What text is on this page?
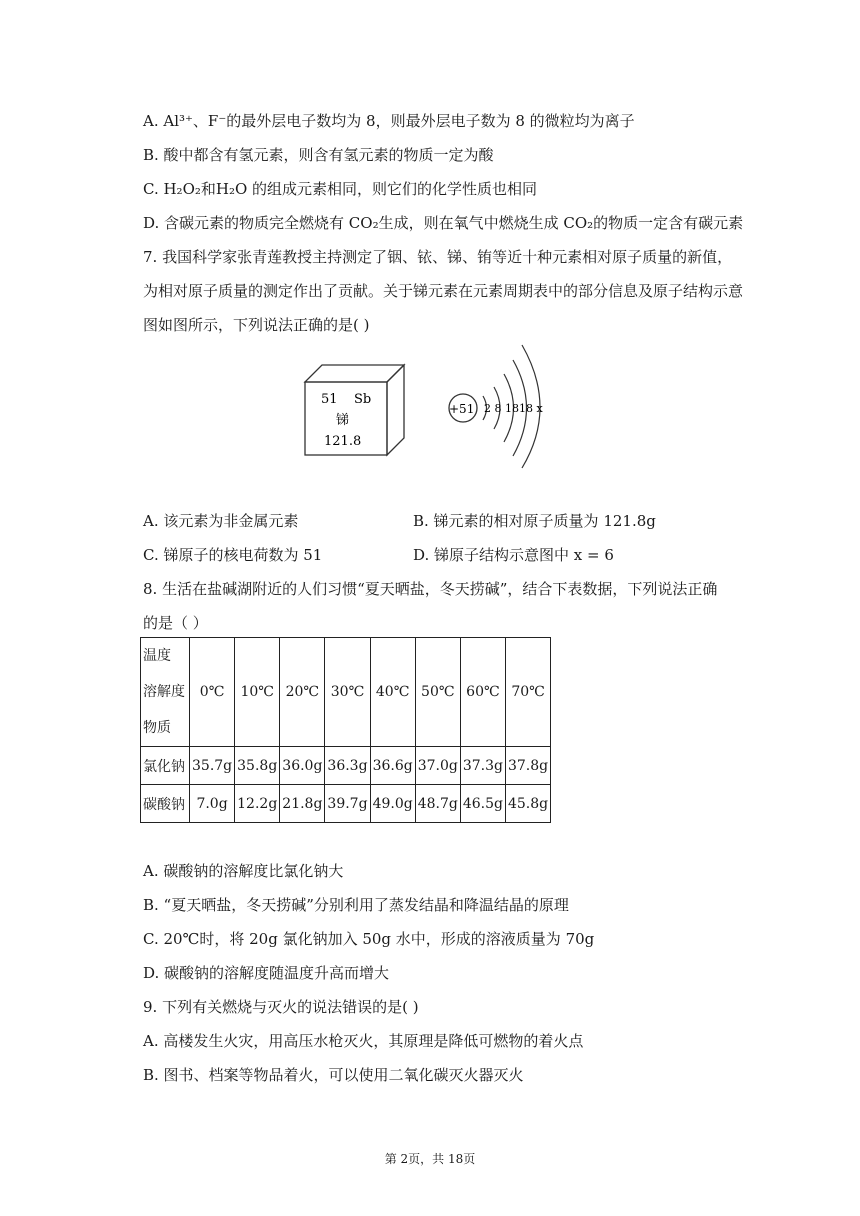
A. Al³⁺、F⁻的最外层电子数均为 8，则最外层电子数为 8 的微粒均为离子
B. 酸中都含有氢元素，则含有氢元素的物质一定为酸
C. H₂O₂和H₂O 的组成元素相同，则它们的化学性质也相同
D. 含碳元素的物质完全燃烧有 CO₂生成，则在氧气中燃烧生成 CO₂的物质一定含有碳元素
7. 我国科学家张青莲教授主持测定了铟、铱、锑、铕等近十种元素相对原子质量的新值，
为相对原子质量的测定作出了贡献。关于锑元素在元素周期表中的部分信息及原子结构示意
图如图所示，下列说法正确的是( )
51 Sb
锑
121.8
+51 2 8 1818 x
A. 该元素为非金属元素	B. 锑元素的相对原子质量为 121.8g
C. 锑原子的核电荷数为 51	D. 锑原子结构示意图中 x = 6
8. 生活在盐碱湖附近的人们习惯“夏天晒盐，冬天捞碱”，结合下表数据，下列说法正确
的是（ ）
温度
溶解度
物质	0℃	10℃	20℃	30℃	40℃	50℃	60℃	70℃
氯化钠	35.7g	35.8g	36.0g	36.3g	36.6g	37.0g	37.3g	37.8g
碳酸钠	7.0g	12.2g	21.8g	39.7g	49.0g	48.7g	46.5g	45.8g
A. 碳酸钠的溶解度比氯化钠大
B. “夏天晒盐，冬天捞碱”分别利用了蒸发结晶和降温结晶的原理
C. 20℃时，将 20g 氯化钠加入 50g 水中，形成的溶液质量为 70g
D. 碳酸钠的溶解度随温度升高而增大
9. 下列有关燃烧与灭火的说法错误的是( )
A. 高楼发生火灾，用高压水枪灭火，其原理是降低可燃物的着火点
B. 图书、档案等物品着火，可以使用二氧化碳灭火器灭火
第 2页，共 18页
